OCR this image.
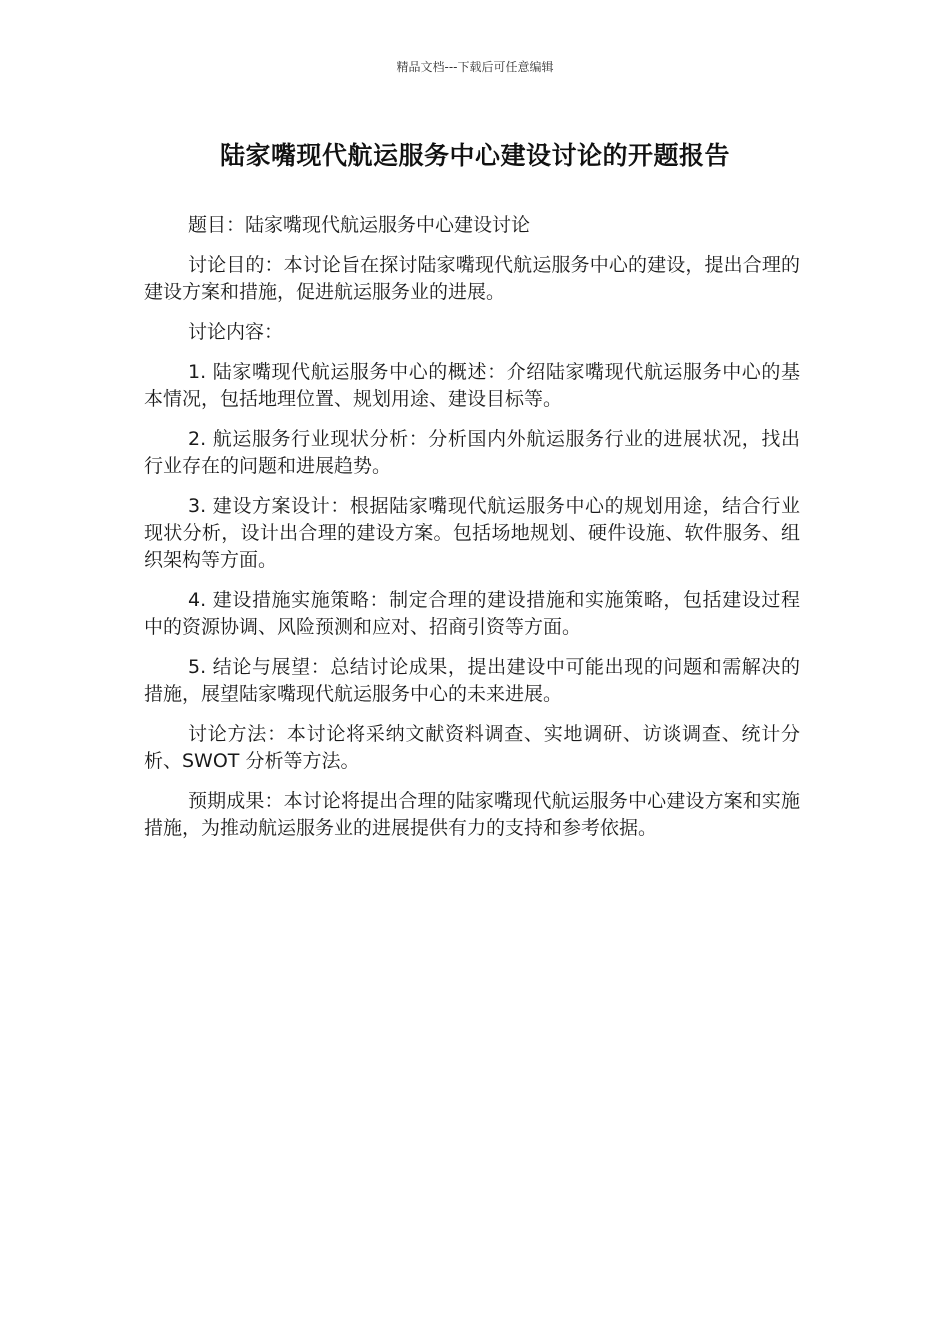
精品文档---下载后可任意编辑
陆家嘴现代航运服务中心建设讨论的开题报告

题目：陆家嘴现代航运服务中心建设讨论

讨论目的：本讨论旨在探讨陆家嘴现代航运服务中心的建设，提出合理的建设方案和措施，促进航运服务业的进展。

讨论内容：

1. 陆家嘴现代航运服务中心的概述：介绍陆家嘴现代航运服务中心的基本情况，包括地理位置、规划用途、建设目标等。

2. 航运服务行业现状分析：分析国内外航运服务行业的进展状况，找出行业存在的问题和进展趋势。

3. 建设方案设计：根据陆家嘴现代航运服务中心的规划用途，结合行业现状分析，设计出合理的建设方案。包括场地规划、硬件设施、软件服务、组织架构等方面。

4. 建设措施实施策略：制定合理的建设措施和实施策略，包括建设过程中的资源协调、风险预测和应对、招商引资等方面。

5. 结论与展望：总结讨论成果，提出建设中可能出现的问题和需解决的措施，展望陆家嘴现代航运服务中心的未来进展。

讨论方法：本讨论将采纳文献资料调查、实地调研、访谈调查、统计分析、SWOT 分析等方法。

预期成果：本讨论将提出合理的陆家嘴现代航运服务中心建设方案和实施措施，为推动航运服务业的进展提供有力的支持和参考依据。
